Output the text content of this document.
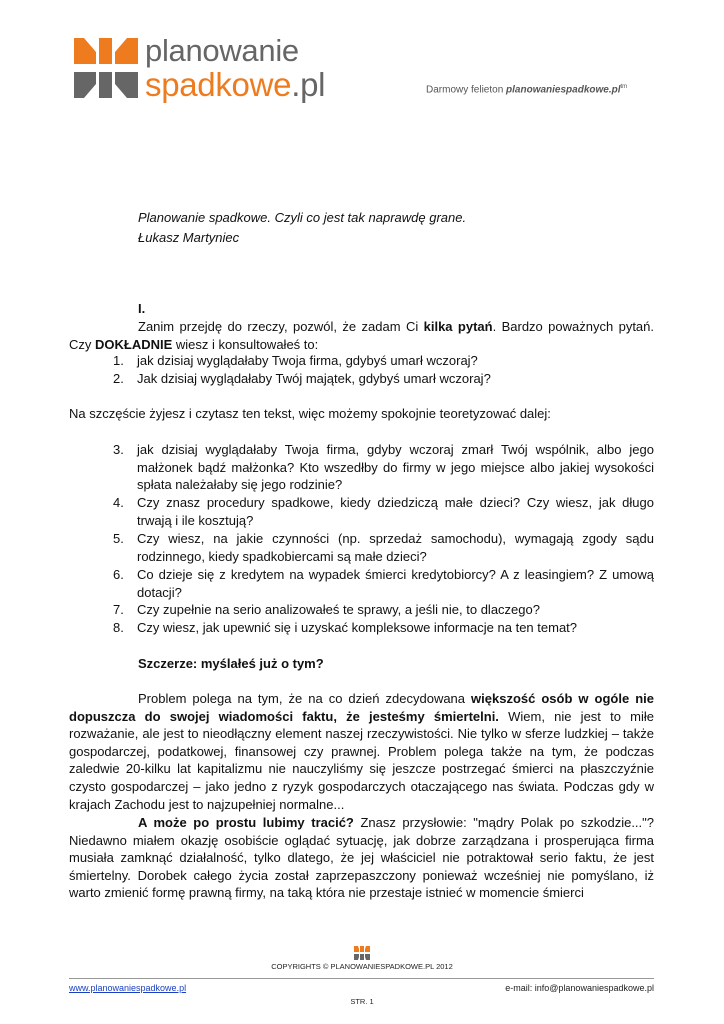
planowanie
spadkowe.pl	Darmowy felieton $planowaniespadkowe.pl^{tm}$
Planowanie spadkowe. Czyli co jest tak naprawdę grane.
Łukasz Martyniec
I.
Zanim przejdę do rzeczy, pozwól, że zadam Ci kilka pytań. Bardzo poważnych pytań. Czy DOKŁADNIE wiesz i konsultowałeś to:
1. jak dzisiaj wyglądałaby Twoja firma, gdybyś umarł wczoraj?
2. Jak dzisiaj wyglądałaby Twój majątek, gdybyś umarł wczoraj?
Na szczęście żyjesz i czytasz ten tekst, więc możemy spokojnie teoretyzować dalej:
3. jak dzisiaj wyglądałaby Twoja firma, gdyby wczoraj zmarł Twój wspólnik, albo jego małżonek bądź małżonka? Kto wszedłby do firmy w jego miejsce albo jakiej wysokości spłata należałaby się jego rodzinie?
4. Czy znasz procedury spadkowe, kiedy dziedziczą małe dzieci? Czy wiesz, jak długo trwają i ile kosztują?
5. Czy wiesz, na jakie czynności (np. sprzedaż samochodu), wymagają zgody sądu rodzinnego, kiedy spadkobiercami są małe dzieci?
6. Co dzieje się z kredytem na wypadek śmierci kredytobiorcy? A z leasingiem? Z umową dotacji?
7. Czy zupełnie na serio analizowałeś te sprawy, a jeśli nie, to dlaczego?
8. Czy wiesz, jak upewnić się i uzyskać kompleksowe informacje na ten temat?
Szczerze: myślałeś już o tym?
Problem polega na tym, że na co dzień zdecydowana większość osób w ogóle nie dopuszcza do swojej wiadomości faktu, że jesteśmy śmiertelni. Wiem, nie jest to miłe rozważanie, ale jest to nieodłączny element naszej rzeczywistości. Nie tylko w sferze ludzkiej – także gospodarczej, podatkowej, finansowej czy prawnej. Problem polega także na tym, że podczas zaledwie 20-kilku lat kapitalizmu nie nauczyliśmy się jeszcze postrzegać śmierci na płaszczyźnie czysto gospodarczej – jako jedno z ryzyk gospodarczych otaczającego nas świata. Podczas gdy w krajach Zachodu jest to najzupełniej normalne...
A może po prostu lubimy tracić? Znasz przysłowie: "mądry Polak po szkodzie..."? Niedawno miałem okazję osobiście oglądać sytuację, jak dobrze zarządzana i prosperująca firma musiała zamknąć działalność, tylko dlatego, że jej właściciel nie potraktował serio faktu, że jest śmiertelny. Dorobek całego życia został zaprzepaszczony ponieważ wcześniej nie pomyślano, iż warto zmienić formę prawną firmy, na taką która nie przestaje istnieć w momencie śmierci
COPYRIGHTS © PLANOWANIESPADKOWE.PL 2012
www.planowaniespadkowe.pl	e-mail: info@planowaniespadkowe.pl
STR. 1
